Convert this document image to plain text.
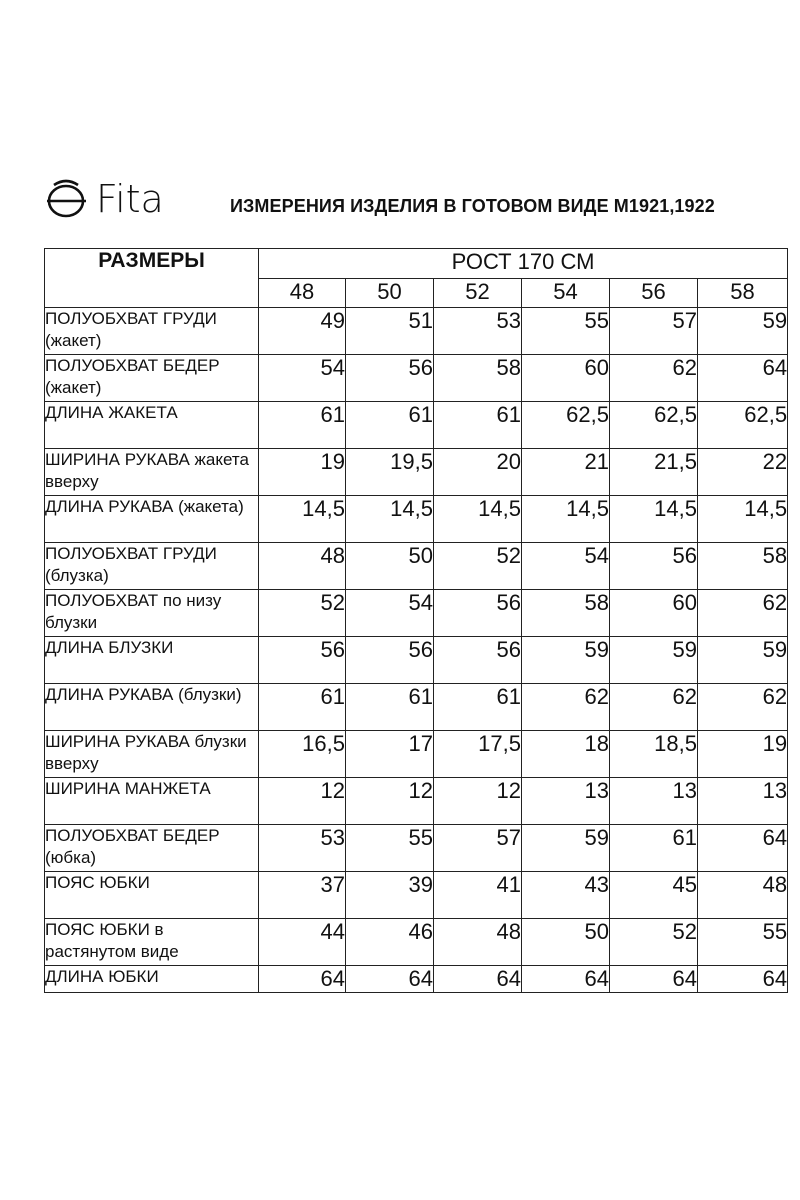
Fita	ИЗМЕРЕНИЯ ИЗДЕЛИЯ В ГОТОВОМ ВИДЕ М1921,1922
РАЗМЕРЫ	РОСТ 170 СМ					
	48	50	52	54	56	58
ПОЛУОБХВАТ ГРУДИ (жакет)	49	51	53	55	57	59
ПОЛУОБХВАТ БЕДЕР (жакет)	54	56	58	60	62	64
ДЛИНА ЖАКЕТА	61	61	61	62,5	62,5	62,5
ШИРИНА РУКАВА жакета вверху	19	19,5	20	21	21,5	22
ДЛИНА РУКАВА (жакета)	14,5	14,5	14,5	14,5	14,5	14,5
ПОЛУОБХВАТ ГРУДИ (блузка)	48	50	52	54	56	58
ПОЛУОБХВАТ по низу блузки	52	54	56	58	60	62
ДЛИНА БЛУЗКИ	56	56	56	59	59	59
ДЛИНА РУКАВА (блузки)	61	61	61	62	62	62
ШИРИНА РУКАВА блузки вверху	16,5	17	17,5	18	18,5	19
ШИРИНА МАНЖЕТА	12	12	12	13	13	13
ПОЛУОБХВАТ БЕДЕР (юбка)	53	55	57	59	61	64
ПОЯС ЮБКИ	37	39	41	43	45	48
ПОЯС ЮБКИ в растянутом виде	44	46	48	50	52	55
ДЛИНА ЮБКИ	64	64	64	64	64	64
